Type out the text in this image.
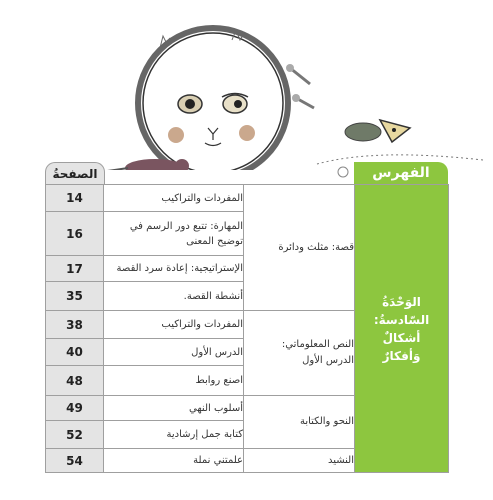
الصفحةُ	الفهرس
14	المفردات والتراكيب	قصة: مثلث ودائرة	الوَحْدَةُ
السّادسةُ: أشكالٌ
وَأفكارٌ

16	المهارة: تتبع دور الرسم في توضيح المعنى		
17	الإستراتيجية: إعادة سرد القصة		
35	أنشطة القصة.		
38	المفردات والتراكيب	النص المعلوماتي:
الدرس الأول	

40	الدرس الأول		
48	اصنع روابط		
49	أسلوب النهي	النحو والكتابة	
52	كتابة جمل إرشادية		
54	علمتني نملة	النشيد	
